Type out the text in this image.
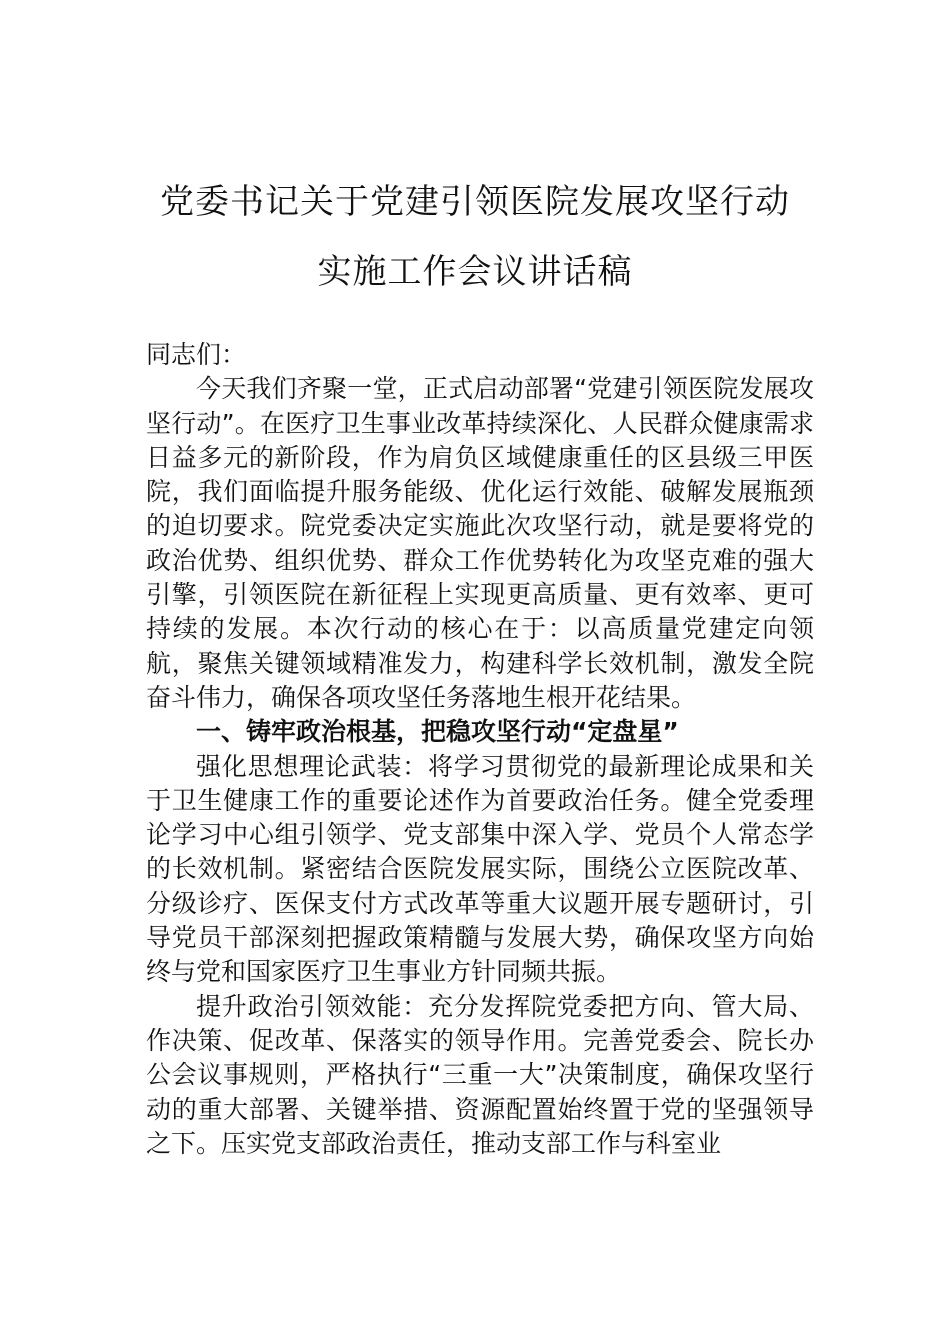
党委书记关于党建引领医院发展攻坚行动
实施工作会议讲话稿

同志们：

今天我们齐聚一堂，正式启动部署“党建引领医院发展攻坚行动”。在医疗卫生事业改革持续深化、人民群众健康需求日益多元的新阶段，作为肩负区域健康重任的区县级三甲医院，我们面临提升服务能级、优化运行效能、破解发展瓶颈的迫切要求。院党委决定实施此次攻坚行动，就是要将党的政治优势、组织优势、群众工作优势转化为攻坚克难的强大引擎，引领医院在新征程上实现更高质量、更有效率、更可持续的发展。本次行动的核心在于：以高质量党建定向领航，聚焦关键领域精准发力，构建科学长效机制，激发全院奋斗伟力，确保各项攻坚任务落地生根开花结果。

一、铸牢政治根基，把稳攻坚行动“定盘星”

强化思想理论武装：将学习贯彻党的最新理论成果和关于卫生健康工作的重要论述作为首要政治任务。健全党委理论学习中心组引领学、党支部集中深入学、党员个人常态学的长效机制。紧密结合医院发展实际，围绕公立医院改革、分级诊疗、医保支付方式改革等重大议题开展专题研讨，引导党员干部深刻把握政策精髓与发展大势，确保攻坚方向始终与党和国家医疗卫生事业方针同频共振。

提升政治引领效能：充分发挥院党委把方向、管大局、作决策、促改革、保落实的领导作用。完善党委会、院长办公会议事规则，严格执行“三重一大”决策制度，确保攻坚行动的重大部署、关键举措、资源配置始终置于党的坚强领导之下。压实党支部政治责任，推动支部工作与科室业
